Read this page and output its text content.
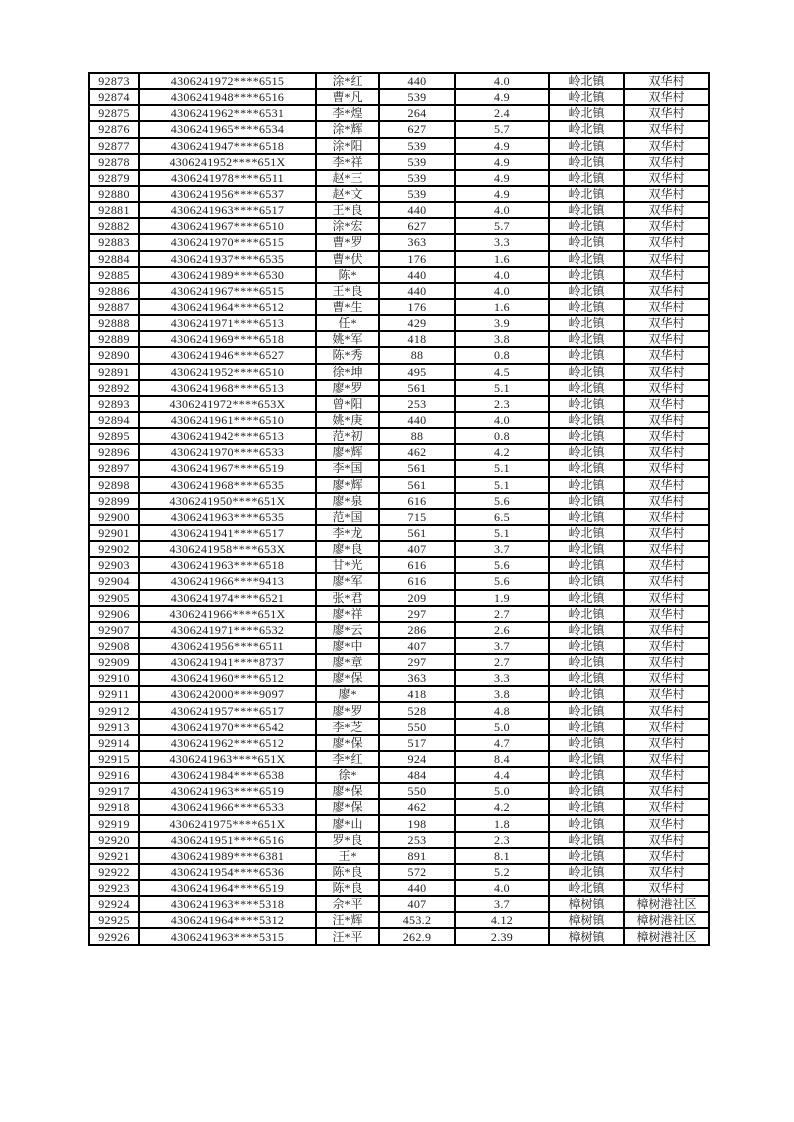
92873	4306241972****6515	涂*红	440	4.0	岭北镇	双华村
92874	4306241948****6516	曹*凡	539	4.9	岭北镇	双华村
92875	4306241962****6531	李*煌	264	2.4	岭北镇	双华村
92876	4306241965****6534	涂*辉	627	5.7	岭北镇	双华村
92877	4306241947****6518	涂*阳	539	4.9	岭北镇	双华村
92878	4306241952****651X	李*祥	539	4.9	岭北镇	双华村
92879	4306241978****6511	赵*三	539	4.9	岭北镇	双华村
92880	4306241956****6537	赵*文	539	4.9	岭北镇	双华村
92881	4306241963****6517	王*良	440	4.0	岭北镇	双华村
92882	4306241967****6510	涂*宏	627	5.7	岭北镇	双华村
92883	4306241970****6515	曹*罗	363	3.3	岭北镇	双华村
92884	4306241937****6535	曹*伏	176	1.6	岭北镇	双华村
92885	4306241989****6530	陈*	440	4.0	岭北镇	双华村
92886	4306241967****6515	王*良	440	4.0	岭北镇	双华村
92887	4306241964****6512	曹*生	176	1.6	岭北镇	双华村
92888	4306241971****6513	任*	429	3.9	岭北镇	双华村
92889	4306241969****6518	姚*军	418	3.8	岭北镇	双华村
92890	4306241946****6527	陈*秀	88	0.8	岭北镇	双华村
92891	4306241952****6510	徐*坤	495	4.5	岭北镇	双华村
92892	4306241968****6513	廖*罗	561	5.1	岭北镇	双华村
92893	4306241972****653X	曾*阳	253	2.3	岭北镇	双华村
92894	4306241961****6510	姚*庚	440	4.0	岭北镇	双华村
92895	4306241942****6513	范*初	88	0.8	岭北镇	双华村
92896	4306241970****6533	廖*辉	462	4.2	岭北镇	双华村
92897	4306241967****6519	李*国	561	5.1	岭北镇	双华村
92898	4306241968****6535	廖*辉	561	5.1	岭北镇	双华村
92899	4306241950****651X	廖*泉	616	5.6	岭北镇	双华村
92900	4306241963****6535	范*国	715	6.5	岭北镇	双华村
92901	4306241941****6517	李*龙	561	5.1	岭北镇	双华村
92902	4306241958****653X	廖*良	407	3.7	岭北镇	双华村
92903	4306241963****6518	甘*光	616	5.6	岭北镇	双华村
92904	4306241966****9413	廖*军	616	5.6	岭北镇	双华村
92905	4306241974****6521	张*君	209	1.9	岭北镇	双华村
92906	4306241966****651X	廖*祥	297	2.7	岭北镇	双华村
92907	4306241971****6532	廖*云	286	2.6	岭北镇	双华村
92908	4306241956****6511	廖*中	407	3.7	岭北镇	双华村
92909	4306241941****8737	廖*章	297	2.7	岭北镇	双华村
92910	4306241960****6512	廖*保	363	3.3	岭北镇	双华村
92911	4306242000****9097	廖*	418	3.8	岭北镇	双华村
92912	4306241957****6517	廖*罗	528	4.8	岭北镇	双华村
92913	4306241970****6542	李*芝	550	5.0	岭北镇	双华村
92914	4306241962****6512	廖*保	517	4.7	岭北镇	双华村
92915	4306241963****651X	李*红	924	8.4	岭北镇	双华村
92916	4306241984****6538	徐*	484	4.4	岭北镇	双华村
92917	4306241963****6519	廖*保	550	5.0	岭北镇	双华村
92918	4306241966****6533	廖*保	462	4.2	岭北镇	双华村
92919	4306241975****651X	廖*山	198	1.8	岭北镇	双华村
92920	4306241951****6516	罗*良	253	2.3	岭北镇	双华村
92921	4306241989****6381	王*	891	8.1	岭北镇	双华村
92922	4306241954****6536	陈*良	572	5.2	岭北镇	双华村
92923	4306241964****6519	陈*良	440	4.0	岭北镇	双华村
92924	4306241963****5318	佘*平	407	3.7	樟树镇	樟树港社区
92925	4306241964****5312	汪*辉	453.2	4.12	樟树镇	樟树港社区
92926	4306241963****5315	汪*平	262.9	2.39	樟树镇	樟树港社区
